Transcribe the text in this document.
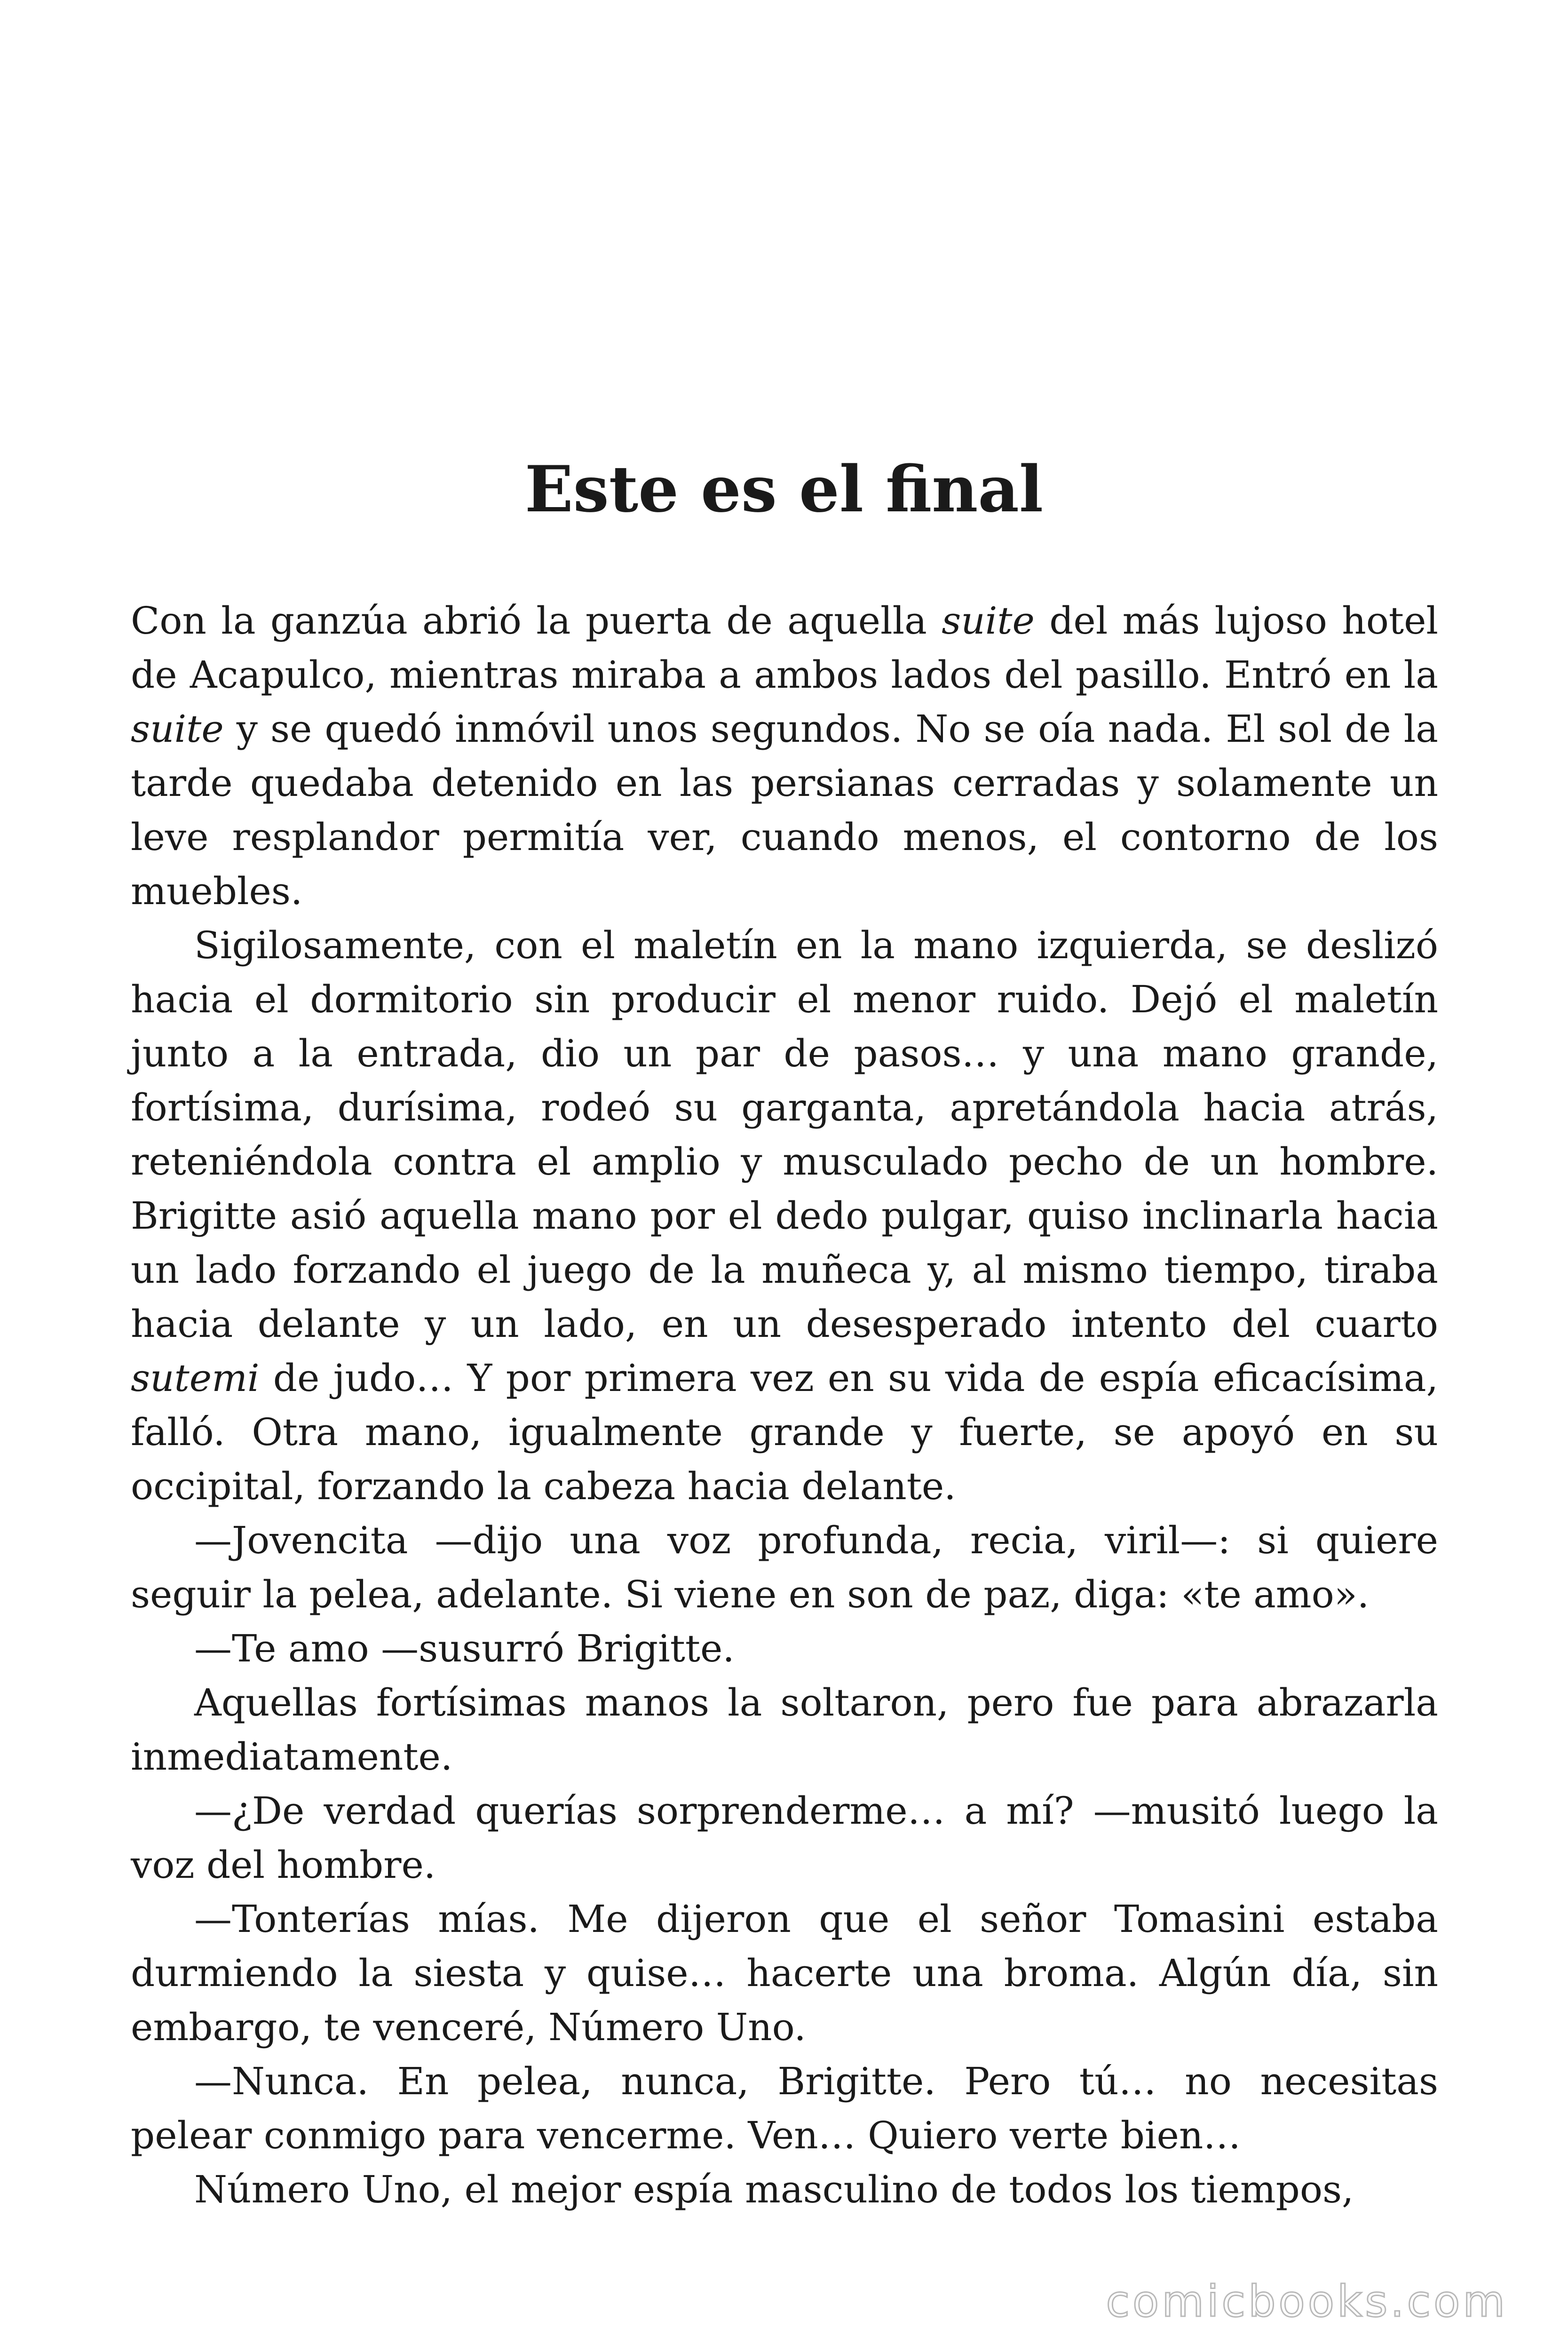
Este es el final

Con la ganzúa abrió la puerta de aquella suite del más lujoso hotel de Acapulco, mientras miraba a ambos lados del pasillo. Entró en la suite y se quedó inmóvil unos segundos. No se oía nada. El sol de la tarde quedaba detenido en las persianas cerradas y solamente un leve resplandor permitía ver, cuando menos, el contorno de los muebles.

Sigilosamente, con el maletín en la mano izquierda, se deslizó hacia el dormitorio sin producir el menor ruido. Dejó el maletín junto a la entrada, dio un par de pasos… y una mano grande, fortísima, durísima, rodeó su garganta, apretándola hacia atrás, reteniéndola contra el amplio y musculado pecho de un hombre. Brigitte asió aquella mano por el dedo pulgar, quiso inclinarla hacia un lado forzando el juego de la muñeca y, al mismo tiempo, tiraba hacia delante y un lado, en un desesperado intento del cuarto sutemi de judo… Y por primera vez en su vida de espía eficacísima, falló. Otra mano, igualmente grande y fuerte, se apoyó en su occipital, forzando la cabeza hacia delante.

—Jovencita —dijo una voz profunda, recia, viril—: si quiere seguir la pelea, adelante. Si viene en son de paz, diga: «te amo».

—Te amo —susurró Brigitte.

Aquellas fortísimas manos la soltaron, pero fue para abrazarla inmediatamente.

—¿De verdad querías sorprenderme… a mí? —musitó luego la voz del hombre.

—Tonterías mías. Me dijeron que el señor Tomasini estaba durmiendo la siesta y quise… hacerte una broma. Algún día, sin embargo, te venceré, Número Uno.

—Nunca. En pelea, nunca, Brigitte. Pero tú… no necesitas pelear conmigo para vencerme. Ven… Quiero verte bien…

Número Uno, el mejor espía masculino de todos los tiempos,

comicbooks.com
